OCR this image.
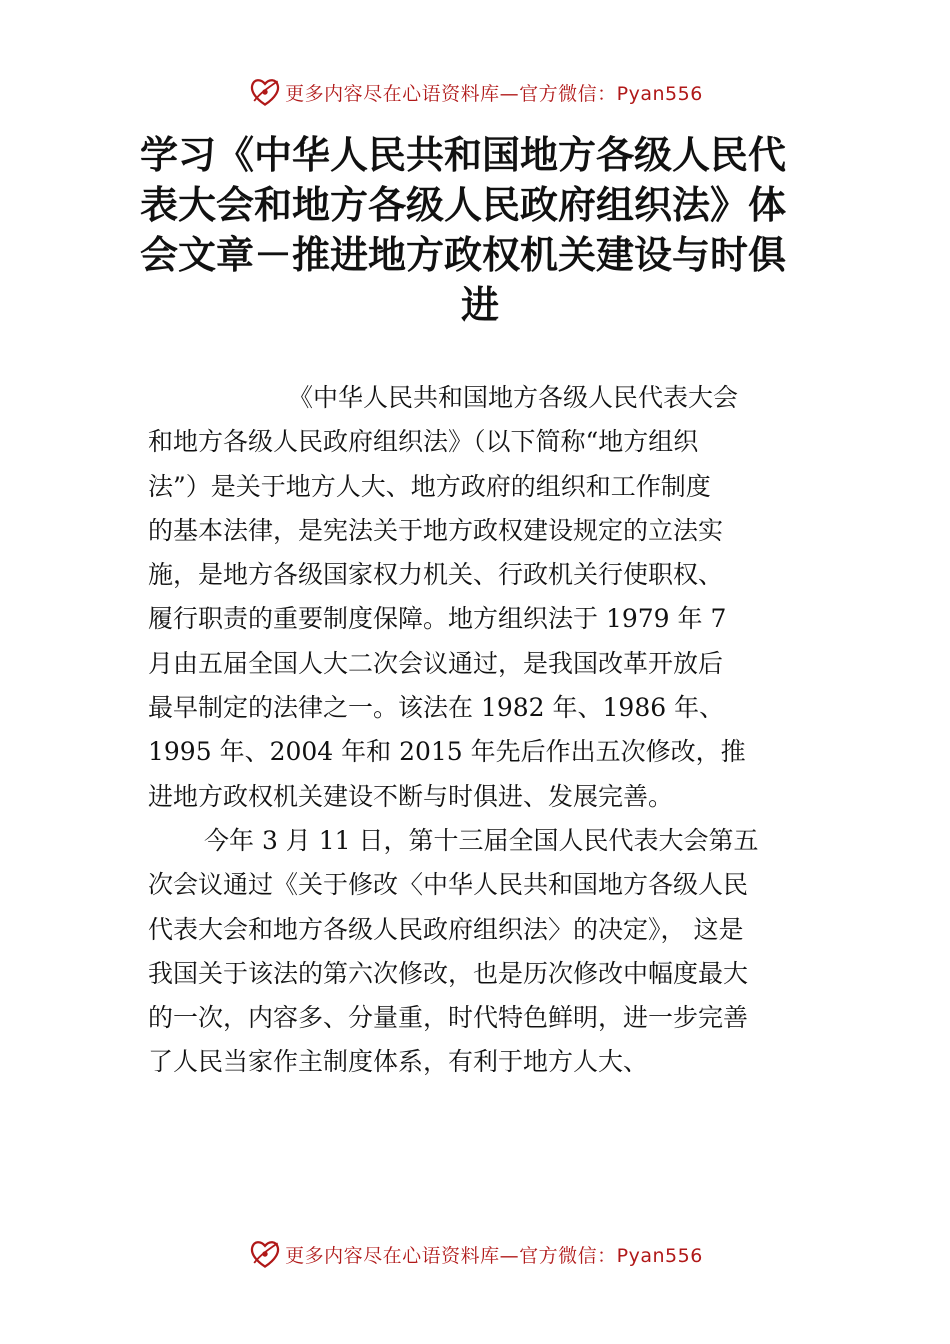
更多内容尽在心语资料库—官方微信：Pyan556
学习《中华人民共和国地方各级人民代
表大会和地方各级人民政府组织法》体
会文章－推进地方政权机关建设与时俱
进
《中华人民共和国地方各级人民代表大会
和地方各级人民政府组织法》（以下简称“地方组织
法”）是关于地方人大、地方政府的组织和工作制度
的基本法律，是宪法关于地方政权建设规定的立法实
施，是地方各级国家权力机关、行政机关行使职权、
履行职责的重要制度保障。地方组织法于 1979 年 7
月由五届全国人大二次会议通过，是我国改革开放后
最早制定的法律之一。该法在 1982 年、1986 年、
1995 年、2004 年和 2015 年先后作出五次修改，推
进地方政权机关建设不断与时俱进、发展完善。
今年 3 月 11 日，第十三届全国人民代表大会第五
次会议通过《关于修改〈中华人民共和国地方各级人民
代表大会和地方各级人民政府组织法〉的决定》， 这是
我国关于该法的第六次修改，也是历次修改中幅度最大
的一次，内容多、分量重，时代特色鲜明，进一步完善
了人民当家作主制度体系，有利于地方人大、
更多内容尽在心语资料库—官方微信：Pyan556
